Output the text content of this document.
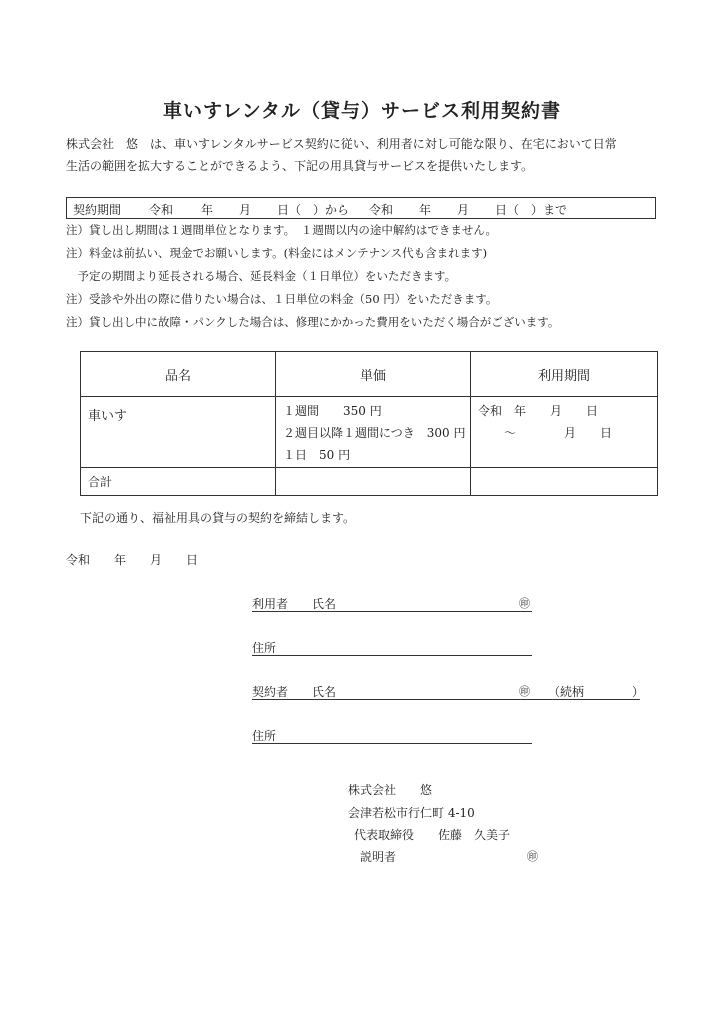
車いすレンタル（貸与）サービス利用契約書
株式会社　悠　は、車いすレンタルサービス契約に従い、利用者に対し可能な限り、在宅において日常
生活の範囲を拡大することができるよう、下記の用具貸与サービスを提供いたします。
契約期間 令和 年 月 日（　）から 令和 年 月 日（　）まで
注）貸し出し期間は１週間単位となります。　１週間以内の途中解約はできません。
注）料金は前払い、現金でお願いします。(料金にはメンテナンス代も含まれます)
　予定の期間より延長される場合、延長料金（１日単位）をいただきます。
注）受診や外出の際に借りたい場合は、１日単位の料金（50 円）をいただきます。
注）貸し出し中に故障・パンクした場合は、修理にかかった費用をいただく場合がございます。
品名	単価	利用期間

車いす	１週間　　350 円
２週目以降１週間につき　300 円
１日　50 円	令和　年　　月　　日
～　　　　月　　日

合計		

下記の通り、福祉用具の貸与の契約を締結します。
令和　　年　　月　　日
利用者　　氏名	㊞
住所
契約者　　氏名	㊞ （続柄　　　　）
住所
株式会社　　悠
会津若松市行仁町 4-10
代表取締役　　佐藤　久美子
説明者	㊞
